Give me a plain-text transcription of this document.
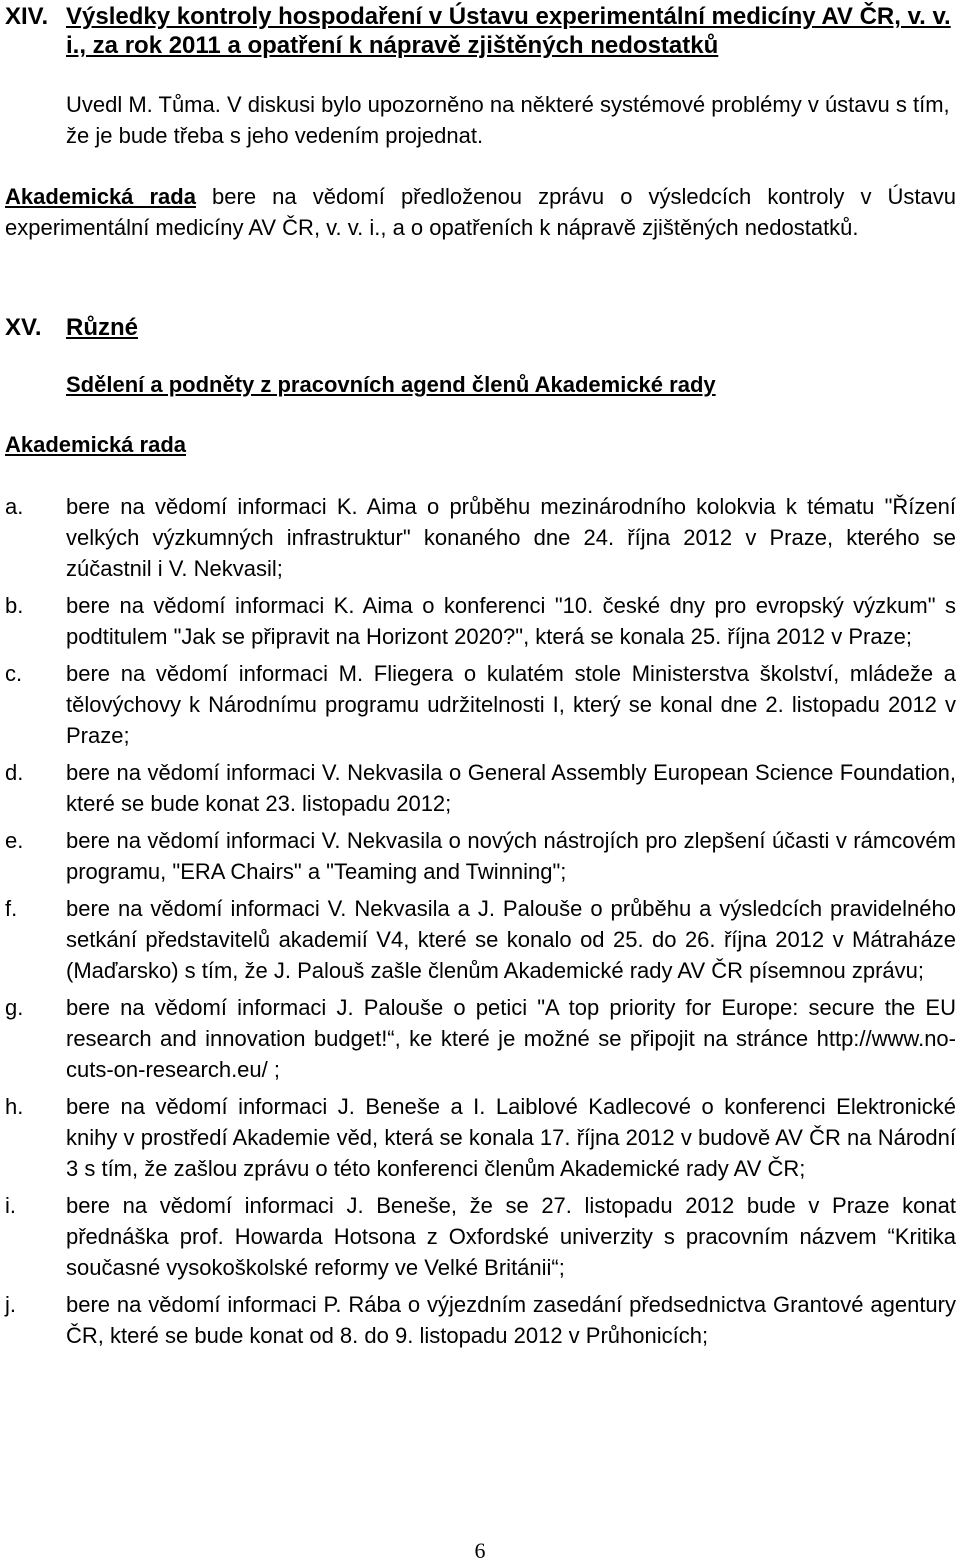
XIV. Výsledky kontroly hospodaření v Ústavu experimentální medicíny AV ČR, v. v. i., za rok 2011 a opatření k nápravě zjištěných nedostatků
Uvedl M. Tůma. V diskusi bylo upozorněno na některé systémové problémy v ústavu s tím, že je bude třeba s jeho vedením projednat.
Akademická rada bere na vědomí předloženou zprávu o výsledcích kontroly v Ústavu experimentální medicíny AV ČR, v. v. i., a o opatřeních k nápravě zjištěných nedostatků.
XV. Různé
Sdělení a podněty z pracovních agend členů Akademické rady
Akademická rada
a. bere na vědomí informaci K. Aima o průběhu mezinárodního kolokvia k tématu "Řízení velkých výzkumných infrastruktur" konaného dne 24. října 2012 v Praze, kterého se zúčastnil i V. Nekvasil;
b. bere na vědomí informaci K. Aima o konferenci "10. české dny pro evropský výzkum" s podtitulem "Jak se připravit na Horizont 2020?", která se konala 25. října 2012 v Praze;
c. bere na vědomí informaci M. Fliegera o kulatém stole Ministerstva školství, mládeže a tělovýchovy k Národnímu programu udržitelnosti I, který se konal dne 2. listopadu 2012 v Praze;
d. bere na vědomí informaci V. Nekvasila o General Assembly European Science Foundation, které se bude konat 23. listopadu 2012;
e. bere na vědomí informaci V. Nekvasila o nových nástrojích pro zlepšení účasti v rámcovém programu, "ERA Chairs" a "Teaming and Twinning";
f. bere na vědomí informaci V. Nekvasila a J. Palouše o průběhu a výsledcích pravidelného setkání představitelů akademií V4, které se konalo od 25. do 26. října 2012 v Mátraháze (Maďarsko) s tím, že J. Palouš zašle členům Akademické rady AV ČR písemnou zprávu;
g. bere na vědomí informaci J. Palouše o petici "A top priority for Europe: secure the EU research and innovation budget!“, ke které je možné se připojit na stránce http://www.no-cuts-on-research.eu/ ;
h. bere na vědomí informaci J. Beneše a I. Laiblové Kadlecové o konferenci Elektronické knihy v prostředí Akademie věd, která se konala 17. října 2012 v budově AV ČR na Národní 3 s tím, že zašlou zprávu o této konferenci členům Akademické rady AV ČR;
i. bere na vědomí informaci J. Beneše, že se 27. listopadu 2012 bude v Praze konat přednáška prof. Howarda Hotsona z Oxfordské univerzity s pracovním názvem “Kritika současné vysokoškolské reformy ve Velké Británii“;
j. bere na vědomí informaci P. Rába o výjezdním zasedání předsednictva Grantové agentury ČR, které se bude konat od 8. do 9. listopadu 2012 v Průhonicích;
6
